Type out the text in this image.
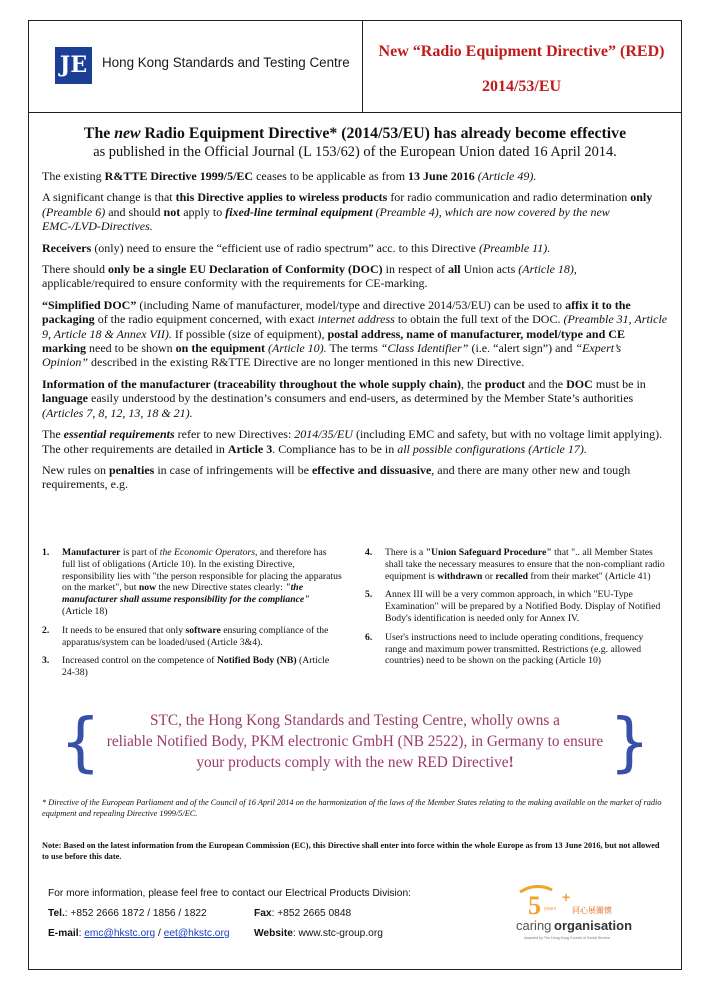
JE	Hong Kong Standards and Testing Centre
New “Radio Equipment Directive” (RED)
2014/53/EU
The new Radio Equipment Directive* (2014/53/EU) has already become effective
as published in the Official Journal (L 153/62) of the European Union dated 16 April 2014.

The existing R&TTE Directive 1999/5/EC ceases to be applicable as from 13 June 2016 (Article 49).

A significant change is that this Directive applies to wireless products for radio communication and radio determination only (Preamble 6) and should not apply to fixed-line terminal equipment (Preamble 4), which are now covered by the new EMC-/LVD-Directives.

Receivers (only) need to ensure the “efficient use of radio spectrum” acc. to this Directive (Preamble 11).

There should only be a single EU Declaration of Conformity (DOC) in respect of all Union acts (Article 18), applicable/required to ensure conformity with the requirements for CE-marking.

“Simplified DOC” (including Name of manufacturer, model/type and directive 2014/53/EU) can be used to affix it to the packaging of the radio equipment concerned, with exact internet address to obtain the full text of the DOC. (Preamble 31, Article 9, Article 18 & Annex VII). If possible (size of equipment), postal address, name of manufacturer, model/type and CE marking need to be shown on the equipment (Article 10). The terms “Class Identifier” (i.e. “alert sign”) and “Expert’s Opinion” described in the existing R&TTE Directive are no longer mentioned in this new Directive.

Information of the manufacturer (traceability throughout the whole supply chain), the product and the DOC must be in language easily understood by the destination’s consumers and end-users, as determined by the Member State’s authorities (Articles 7, 8, 12, 13, 18 & 21).

The essential requirements refer to new Directives: 2014/35/EU (including EMC and safety, but with no voltage limit applying). The other requirements are detailed in Article 3. Compliance has to be in all possible configurations (Article 17).

New rules on penalties in case of infringements will be effective and dissuasive, and there are many other new and tough requirements, e.g.

1. Manufacturer is part of the Economic Operators, and therefore has full list of obligations (Article 10). In the existing Directive, responsibility lies with "the person responsible for placing the apparatus on the market", but now the new Directive states clearly: "the manufacturer shall assume responsibility for the compliance" (Article 18)
2. It needs to be ensured that only software ensuring compliance of the apparatus/system can be loaded/used (Article 3&4).
3. Increased control on the competence of Notified Body (NB) (Article 24-38)
4. There is a "Union Safeguard Procedure" that ".. all Member States shall take the necessary measures to ensure that the non-compliant radio equipment is withdrawn or recalled from their market" (Article 41)
5. Annex III will be a very common approach, in which "EU-Type Examination" will be prepared by a Notified Body. Display of Notified Body's identification is needed only for Annex IV.
6. User's instructions need to include operating conditions, frequency range and maximum power transmitted. Restrictions (e.g. allowed countries) need to be shown on the packing (Article 10)
{	STC, the Hong Kong Standards and Testing Centre, wholly owns a
reliable Notified Body, PKM electronic GmbH (NB 2522), in Germany to ensure
your products comply with the new RED Directive!	}
* Directive of the European Parliament and of the Council of 16 April 2014 on the harmonization of the laws of the Member States relating to the making available on the market of radio equipment and repealing Directive 1999/5/EC.
Note: Based on the latest information from the European Commission (EC), this Directive shall enter into force within the whole Europe as from 13 June 2016, but not allowed to use before this date.
For more information, please feel free to contact our Electrical Products Division:
Tel.: +852 2666 1872 / 1856 / 1822	Fax: +852 2665 0848
E-mail: emc@hkstc.org / eet@hkstc.org Website: www.stc-group.org
5 years
+
同心展關懷
caring organisation
Awarded by The Hong Kong Council of Social Service
